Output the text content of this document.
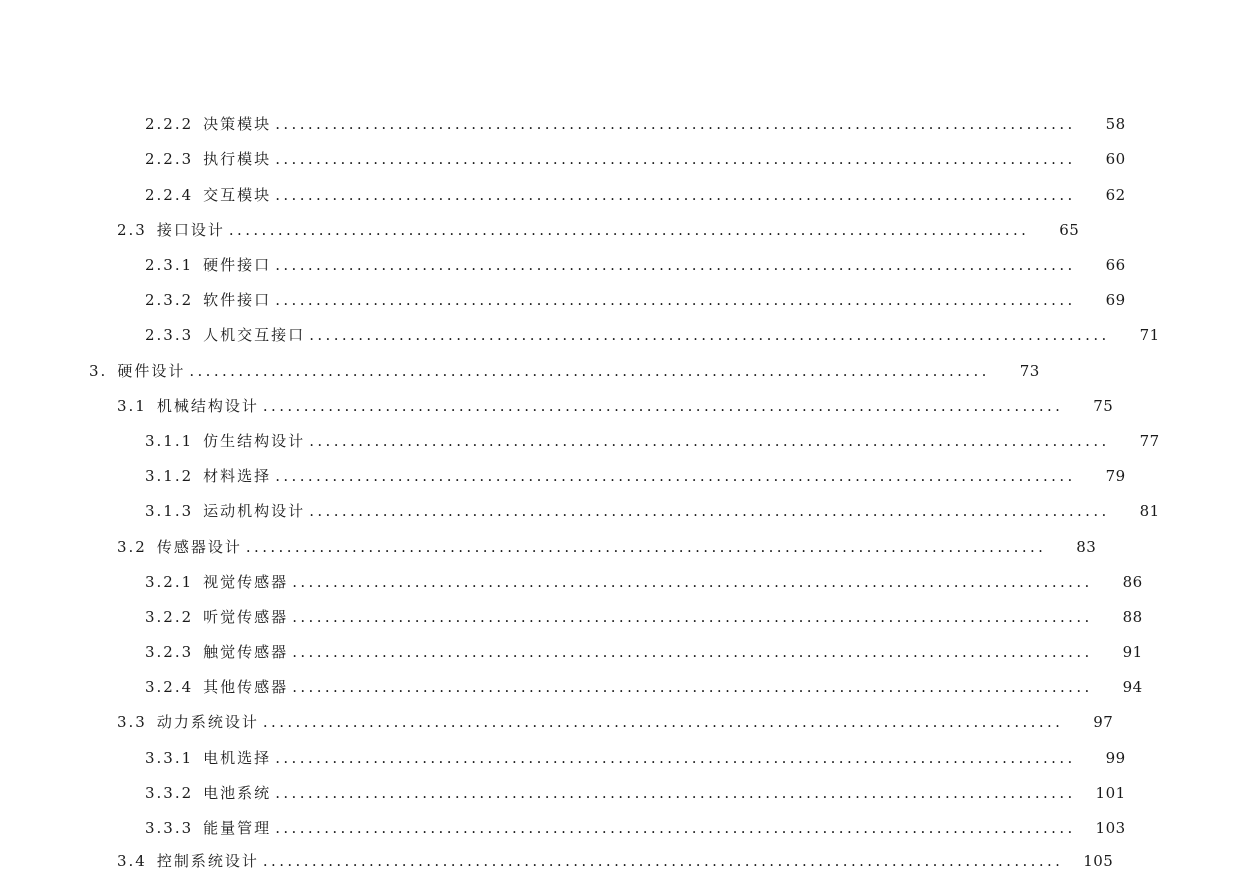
2.2.2 决策模块 ..................................................................................................	58
2.2.3 执行模块 ..................................................................................................	60
2.2.4 交互模块 ..................................................................................................	62
2.3 接口设计 ..................................................................................................	65
2.3.1 硬件接口 ..................................................................................................	66
2.3.2 软件接口 ..................................................................................................	69
2.3.3 人机交互接口 ..................................................................................................	71
3. 硬件设计 ..................................................................................................	73
3.1 机械结构设计 ..................................................................................................	75
3.1.1 仿生结构设计 ..................................................................................................	77
3.1.2 材料选择 ..................................................................................................	79
3.1.3 运动机构设计 ..................................................................................................	81
3.2 传感器设计 ..................................................................................................	83
3.2.1 视觉传感器 ..................................................................................................	86
3.2.2 听觉传感器 ..................................................................................................	88
3.2.3 触觉传感器 ..................................................................................................	91
3.2.4 其他传感器 ..................................................................................................	94
3.3 动力系统设计 ..................................................................................................	97
3.3.1 电机选择 ..................................................................................................	99
3.3.2 电池系统 ..................................................................................................	101
3.3.3 能量管理 ..................................................................................................	103
3.4 控制系统设计 ..................................................................................................	105
